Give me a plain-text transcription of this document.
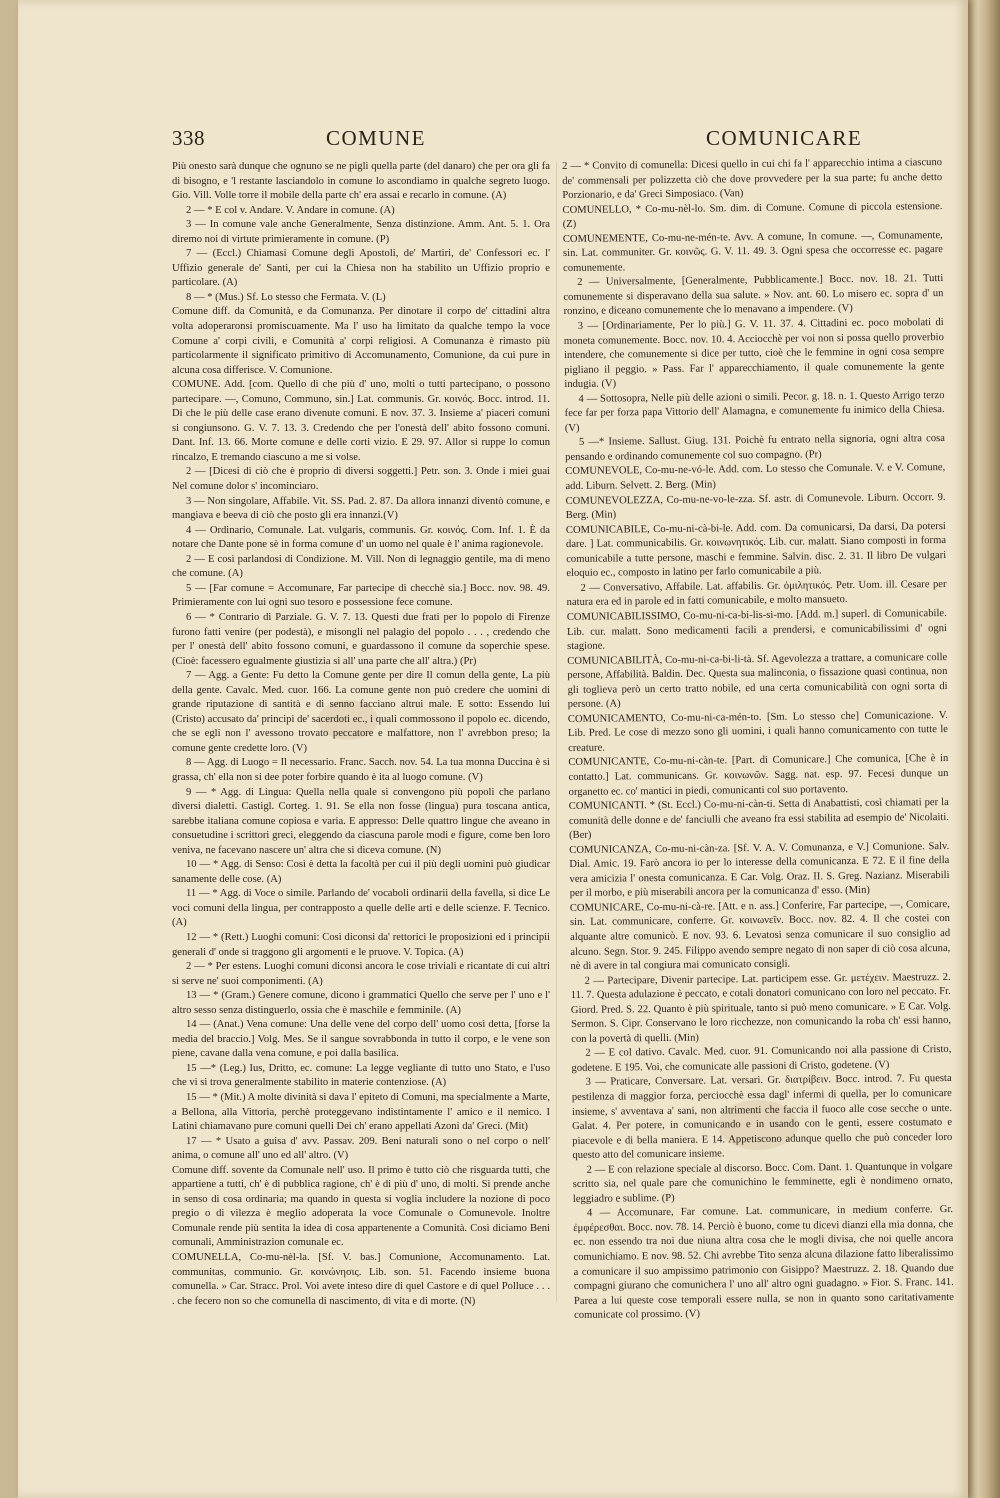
338	COMUNE	COMUNICARE

Più onesto sarà dunque che ognuno se ne pigli quella parte (del danaro) che per ora gli fa di bisogno, e 'l restante lasciandolo in comune lo ascondiamo in qualche segreto luogo. Gio. Vill. Volle torre il mobile della parte ch' era assai e recarlo in comune. (A)

2 — * E col v. Andare. V. Andare in comune. (A)

3 — In comune vale anche Generalmente, Senza distinzione. Amm. Ant. 5. 1. Ora diremo noi di virtute primieramente in comune. (P)

7 — (Eccl.) Chiamasi Comune degli Apostoli, de' Martiri, de' Confessori ec. l' Uffizio generale de' Santi, per cui la Chiesa non ha stabilito un Uffizio proprio e particolare. (A)

8 — * (Mus.) Sf. Lo stesso che Fermata. V. (L)

Comune diff. da Comunità, e da Comunanza. Per dinotare il corpo de' cittadini altra volta adoperaronsi promiscuamente. Ma l' uso ha limitato da qualche tempo la voce Comune a' corpi civili, e Comunità a' corpi religiosi. A Comunanza è rimasto più particolarmente il significato primitivo di Accomunamento, Comunione, da cui pure in alcuna cosa differisce. V. Comunione.

COMUNE. Add. [com. Quello di che più d' uno, molti o tutti partecipano, o possono partecipare. —, Comuno, Communo, sin.] Lat. communis. Gr. κοινός. Bocc. introd. 11. Di che le più delle case erano divenute comuni. E nov. 37. 3. Insieme a' piaceri comuni si congiunsono. G. V. 7. 13. 3. Credendo che per l'onestà dell' abito fossono comuni. Dant. Inf. 13. 66. Morte comune e delle corti vizio. E 29. 97. Allor si ruppe lo comun rincalzo, E tremando ciascuno a me si volse.

2 — [Dicesi di ciò che è proprio di diversi soggetti.] Petr. son. 3. Onde i miei guai Nel comune dolor s' incominciaro.

3 — Non singolare, Affabile. Vit. SS. Pad. 2. 87. Da allora innanzi diventò comune, e mangiava e beeva di ciò che posto gli era innanzi.(V)

4 — Ordinario, Comunale. Lat. vulgaris, communis. Gr. κοινός. Com. Inf. 1. È da notare che Dante pone sè in forma comune d' un uomo nel quale è l' anima ragionevole.

2 — E così parlandosi di Condizione. M. Vill. Non di legnaggio gentile, ma di meno che comune. (A)

5 — [Far comune = Accomunare, Far partecipe di checchè sia.] Bocc. nov. 98. 49. Primieramente con lui ogni suo tesoro e possessione fece comune.

6 — * Contrario di Parziale. G. V. 7. 13. Questi due frati per lo popolo di Firenze furono fatti venire (per podestà), e misongli nel palagio del popolo . . . , credendo che per l' onestà dell' abito fossono comuni, e guardassono il comune da soperchie spese. (Cioè: facessero egualmente giustizia si all' una parte che all' altra.) (Pr)

7 — Agg. a Gente: Fu detto la Comune gente per dire Il comun della gente, La più della gente. Cavalc. Med. cuor. 166. La comune gente non può credere che uomini di grande riputazione di santità e di senno facciano altrui male. E sotto: Essendo lui (Cristo) accusato da' principi de' sacerdoti ec., i quali commossono il popolo ec. dicendo, che se egli non l' avessono trovato peccatore e malfattore, non l' avrebbon preso; la comune gente credette loro. (V)

8 — Agg. di Luogo = Il necessario. Franc. Sacch. nov. 54. La tua monna Duccina è sì grassa, ch' ella non si dee poter forbire quando è ita al luogo comune. (V)

9 — * Agg. di Lingua: Quella nella quale si convengono più popoli che parlano diversi dialetti. Castigl. Corteg. 1. 91. Se ella non fosse (lingua) pura toscana antica, sarebbe italiana comune copiosa e varia. E appresso: Delle quattro lingue che aveano in consuetudine i scrittori greci, eleggendo da ciascuna parole modi e figure, come ben loro veniva, ne facevano nascere un' altra che si diceva comune. (N)

10 — * Agg. di Senso: Così è detta la facoltà per cui il più degli uomini può giudicar sanamente delle cose. (A)

11 — * Agg. di Voce o simile. Parlando de' vocaboli ordinarii della favella, si dice Le voci comuni della lingua, per contrapposto a quelle delle arti e delle scienze. F. Tecnico. (A)

12 — * (Rett.) Luoghi comuni: Così diconsi da' rettorici le proposizioni ed i principii generali d' onde si traggono gli argomenti e le pruove. V. Topica. (A)

2 — * Per estens. Luoghi comuni diconsi ancora le cose triviali e ricantate di cui altri si serve ne' suoi componimenti. (A)

13 — * (Gram.) Genere comune, dicono i grammatici Quello che serve per l' uno e l' altro sesso senza distinguerlo, ossia che è maschile e femminile. (A)

14 — (Anat.) Vena comune: Una delle vene del corpo dell' uomo così detta, [forse la media del braccio.] Volg. Mes. Se il sangue sovrabbonda in tutto il corpo, e le vene son piene, cavane dalla vena comune, e poi dalla basilica.

15 —* (Leg.) Ius, Dritto, ec. comune: La legge vegliante di tutto uno Stato, e l'uso che vi si trova generalmente stabilito in materie contenziose. (A)

15 — * (Mit.) A molte divinità si dava l' epiteto di Comuni, ma specialmente a Marte, a Bellona, alla Vittoria, perchè proteggevano indistintamente l' amico e il nemico. I Latini chiamavano pure comuni quelli Dei ch' erano appellati Azoni da' Greci. (Mit)

17 — * Usato a guisa d' avv. Passav. 209. Beni naturali sono o nel corpo o nell' anima, o comune all' uno ed all' altro. (V)

Comune diff. sovente da Comunale nell' uso. Il primo è tutto ciò che risguarda tutti, che appartiene a tutti, ch' è di pubblica ragione, ch' è di più d' uno, di molti. Si prende anche in senso di cosa ordinaria; ma quando in questa si voglia includere la nozione di poco pregio o di vilezza è meglio adoperata la voce Comunale o Comunevole. Inoltre Comunale rende più sentita la idea di cosa appartenente a Comunità. Così diciamo Beni comunali, Amministrazion comunale ec.

COMUNELLA, Co-mu-nèl-la. [Sf. V. bas.] Comunione, Accomunamento. Lat. communitas, communio. Gr. κοινώνησις. Lib. son. 51. Facendo insieme buona comunella. » Car. Stracc. Prol. Voi avete inteso dire di quel Castore e di quel Polluce . . . . che fecero non so che comunella di nascimento, di vita e di morte. (N)

2 — * Convito di comunella: Dicesi quello in cui chi fa l' apparecchio intima a ciascuno de' commensali per polizzetta ciò che dove provvedere per la sua parte; fu anche detto Porzionario, e da' Greci Simposiaco. (Van)

COMUNELLO, * Co-mu-nèl-lo. Sm. dim. di Comune. Comune di piccola estensione. (Z)

COMUNEMENTE, Co-mu-ne-mén-te. Avv. A comune, In comune. —, Comunamente, sin. Lat. communiter. Gr. κοινῶς. G. V. 11. 49. 3. Ogni spesa che occorresse ec. pagare comunemente.

2 — Universalmente, [Generalmente, Pubblicamente.] Bocc. nov. 18. 21. Tutti comunemente si disperavano della sua salute. » Nov. ant. 60. Lo misero ec. sopra d' un ronzino, e diceano comunemente che lo menavano a impendere. (V)

3 — [Ordinariamente, Per lo più.] G. V. 11. 37. 4. Cittadini ec. poco mobolati di moneta comunemente. Bocc. nov. 10. 4. Acciocchè per voi non si possa quello proverbio intendere, che comunemente si dice per tutto, cioè che le femmine in ogni cosa sempre pigliano il peggio. » Pass. Far l' apparecchiamento, il quale comunemente la gente indugia. (V)

4 — Sottosopra, Nelle più delle azioni o simili. Pecor. g. 18. n. 1. Questo Arrigo terzo fece far per forza papa Vittorio dell' Alamagna, e comunemente fu inimico della Chiesa. (V)

5 —* Insieme. Sallust. Giug. 131. Poichè fu entrato nella signoria, ogni altra cosa pensando e ordinando comunemente col suo compagno. (Pr)

COMUNEVOLE, Co-mu-ne-vó-le. Add. com. Lo stesso che Comunale. V. e V. Comune, add. Liburn. Selvett. 2. Berg. (Min)

COMUNEVOLEZZA, Co-mu-ne-vo-le-zza. Sf. astr. di Comunevole. Liburn. Occorr. 9. Berg. (Min)

COMUNICABILE, Co-mu-ni-cà-bi-le. Add. com. Da comunicarsi, Da darsi, Da potersi dare. ] Lat. communicabilis. Gr. κοινωνητικός. Lib. cur. malatt. Siano composti in forma comunicabile a tutte persone, maschi e femmine. Salvin. disc. 2. 31. Il libro De vulgari eloquio ec., composto in latino per farlo comunicabile a più.

2 — Conversativo, Affabile. Lat. affabilis. Gr. ὁμιλητικός. Petr. Uom. ill. Cesare per natura era ed in parole ed in fatti comunicabile, e molto mansueto.

COMUNICABILISSIMO, Co-mu-ni-ca-bi-lis-si-mo. [Add. m.] superl. di Comunicabile. Lib. cur. malatt. Sono medicamenti facili a prendersi, e comunicabilissimi d' ogni stagione.

COMUNICABILITÀ, Co-mu-ni-ca-bi-li-tà. Sf. Agevolezza a trattare, a comunicare colle persone, Affabilità. Baldin. Dec. Questa sua malinconia, o fissazione quasi continua, non gli toglieva però un certo tratto nobile, ed una certa comunicabilità con ogni sorta di persone. (A)

COMUNICAMENTO, Co-mu-ni-ca-mén-to. [Sm. Lo stesso che] Comunicazione. V. Lib. Pred. Le cose di mezzo sono gli uomini, i quali hanno comunicamento con tutte le creature.

COMUNICANTE, Co-mu-ni-càn-te. [Part. di Comunicare.] Che comunica, [Che è in contatto.] Lat. communicans. Gr. κοινωνῶν. Sagg. nat. esp. 97. Fecesi dunque un organetto ec. co' mantici in piedi, comunicanti col suo portavento.

COMUNICANTI. * (St. Eccl.) Co-mu-ni-càn-ti. Setta di Anabattisti, così chiamati per la comunità delle donne e de' fanciulli che aveano fra essi stabilita ad esempio de' Nicolaiti. (Ber)

COMUNICANZA, Co-mu-ni-càn-za. [Sf. V. A. V. Comunanza, e V.] Comunione. Salv. Dial. Amic. 19. Farò ancora io per lo interesse della comunicanza. E 72. E il fine della vera amicizia l' onesta comunicanza. E Car. Volg. Oraz. II. S. Greg. Nazianz. Miserabili per il morbo, e più miserabili ancora per la comunicanza d' esso. (Min)

COMUNICARE, Co-mu-ni-cà-re. [Att. e n. ass.] Conferire, Far partecipe, —, Comicare, sin. Lat. communicare, conferre. Gr. κοινωνεῖν. Bocc. nov. 82. 4. Il che costei con alquante altre comunicò. E nov. 93. 6. Levatosi senza comunicare il suo consiglio ad alcuno. Segn. Stor. 9. 245. Filippo avendo sempre negato di non saper di ciò cosa alcuna, nè di avere in tal congiura mai comunicato consigli.

2 — Partecipare, Divenir partecipe. Lat. participem esse. Gr. μετέχειν. Maestruzz. 2. 11. 7. Questa adulazione è peccato, e cotali donatori comunicano con loro nel peccato. Fr. Giord. Pred. S. 22. Quanto è più spirituale, tanto si può meno comunicare. » E Car. Volg. Sermon. S. Cipr. Conservano le loro ricchezze, non comunicando la roba ch' essi hanno, con la povertà di quelli. (Min)

2 — E col dativo. Cavalc. Med. cuor. 91. Comunicando noi alla passione di Cristo, godetene. E 195. Voi, che comunicate alle passioni di Cristo, godetene. (V)

3 — Praticare, Conversare. Lat. versari. Gr. διατρίβειν. Bocc. introd. 7. Fu questa pestilenza di maggior forza, perciocchè essa dagl' infermi di quella, per lo comunicare insieme, s' avventava a' sani, non altrimenti che faccia il fuoco alle cose secche o unte. Galat. 4. Per potere, in comunicando e in usando con le genti, essere costumato e piacevole e di bella maniera. E 14. Appetiscono adunque quello che può conceder loro questo atto del comunicare insieme.

2 — E con relazione speciale al discorso. Bocc. Com. Dant. 1. Quantunque in volgare scritto sia, nel quale pare che comunichino le femminette, egli è nondimeno ornato, leggiadro e sublime. (P)

4 — Accomunare, Far comune. Lat. communicare, in medium conferre. Gr. ἐμφέρεσθαι. Bocc. nov. 78. 14. Perciò è buono, come tu dicevi dianzi ella mia donna, che ec. non essendo tra noi due niuna altra cosa che le mogli divisa, che noi quelle ancora comunichiamo. E nov. 98. 52. Chi avrebbe Tito senza alcuna dilazione fatto liberalissimo a comunicare il suo ampissimo patrimonio con Gisippo? Maestruzz. 2. 18. Quando due compagni giurano che comunichera l' uno all' altro ogni guadagno. » Fior. S. Franc. 141. Parea a lui queste cose temporali essere nulla, se non in quanto sono caritativamente comunicate col prossimo. (V)
